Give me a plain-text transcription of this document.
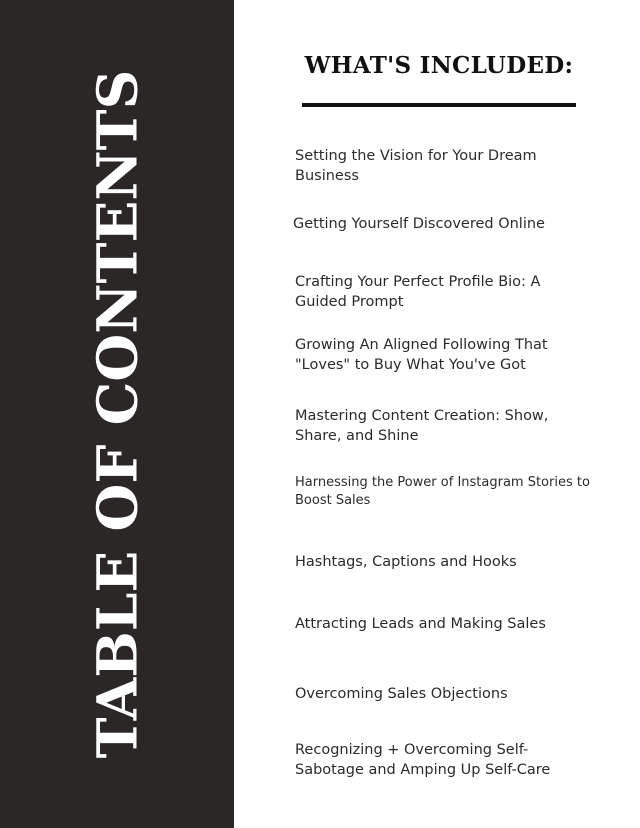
TABLE OF CONTENTS
WHAT'S INCLUDED:
Setting the Vision for Your Dream Business
Getting Yourself Discovered Online
Crafting Your Perfect Profile Bio: A Guided Prompt
Growing An Aligned Following That "Loves" to Buy What You've Got
Mastering Content Creation: Show, Share, and Shine
Harnessing the Power of Instagram Stories to Boost Sales
Hashtags, Captions and Hooks
Attracting Leads and Making Sales
Overcoming Sales Objections
Recognizing + Overcoming Self-Sabotage and Amping Up Self-Care
